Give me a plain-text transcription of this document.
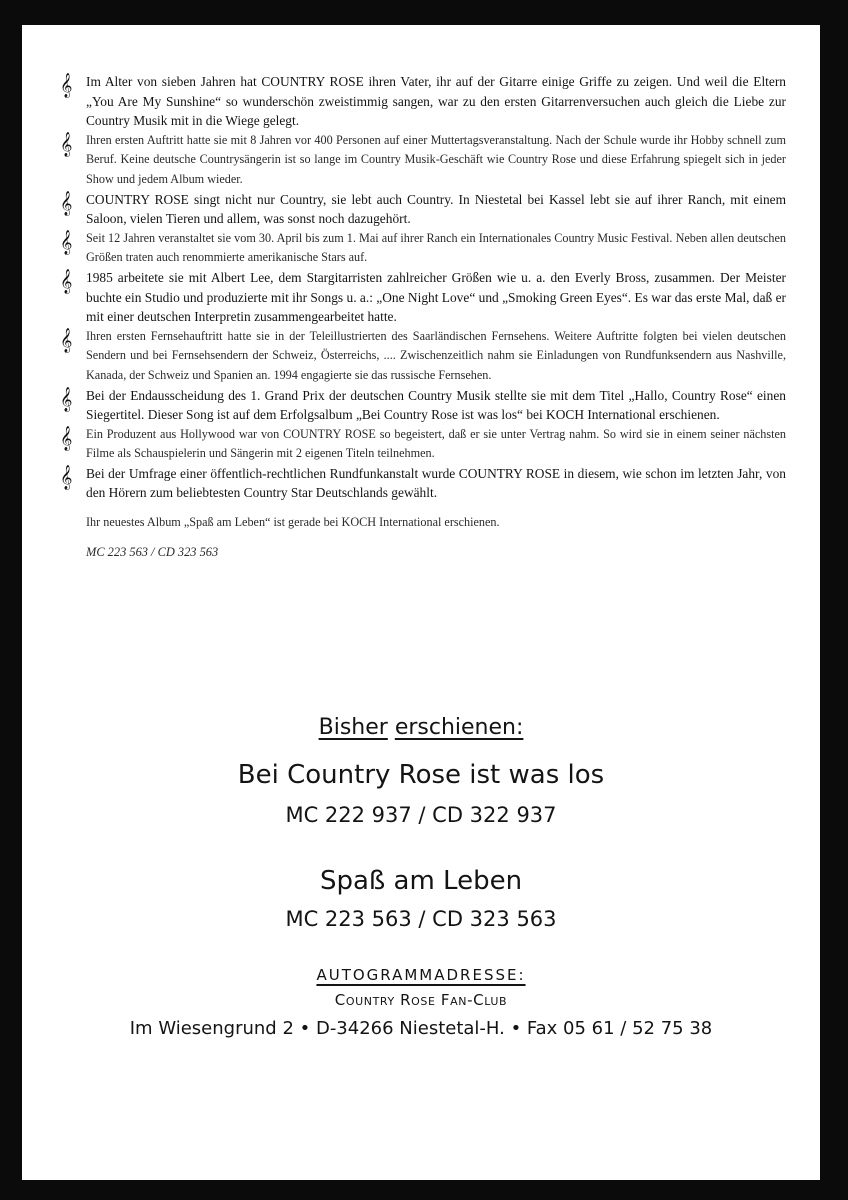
𝄞	Im Alter von sieben Jahren hat COUNTRY ROSE ihren Vater, ihr auf der Gitarre einige Griffe zu zeigen. Und weil die Eltern „You Are My Sunshine“ so wunderschön zweistimmig sangen, war zu den ersten Gitarrenversuchen auch gleich die Liebe zur Country Musik mit in die Wiege gelegt.
𝄞	Ihren ersten Auftritt hatte sie mit 8 Jahren vor 400 Personen auf einer Muttertagsveranstaltung. Nach der Schule wurde ihr Hobby schnell zum Beruf. Keine deutsche Countrysängerin ist so lange im Country Musik-Geschäft wie Country Rose und diese Erfahrung spiegelt sich in jeder Show und jedem Album wieder.
𝄞	COUNTRY ROSE singt nicht nur Country, sie lebt auch Country. In Niestetal bei Kassel lebt sie auf ihrer Ranch, mit einem Saloon, vielen Tieren und allem, was sonst noch dazugehört.
𝄞	Seit 12 Jahren veranstaltet sie vom 30. April bis zum 1. Mai auf ihrer Ranch ein Internationales Country Music Festival. Neben allen deutschen Größen traten auch renommierte amerikanische Stars auf.
𝄞	1985 arbeitete sie mit Albert Lee, dem Stargitarristen zahlreicher Größen wie u. a. den Everly Bross, zusammen. Der Meister buchte ein Studio und produzierte mit ihr Songs u. a.: „One Night Love“ und „Smoking Green Eyes“. Es war das erste Mal, daß er mit einer deutschen Interpretin zusammengearbeitet hatte.
𝄞	Ihren ersten Fernsehauftritt hatte sie in der Teleillustrierten des Saarländischen Fernsehens. Weitere Auftritte folgten bei vielen deutschen Sendern und bei Fernsehsendern der Schweiz, Österreichs, .... Zwischenzeitlich nahm sie Einladungen von Rundfunksendern aus Nashville, Kanada, der Schweiz und Spanien an. 1994 engagierte sie das russische Fernsehen.
𝄞	Bei der Endausscheidung des 1. Grand Prix der deutschen Country Musik stellte sie mit dem Titel „Hallo, Country Rose“ einen Siegertitel. Dieser Song ist auf dem Erfolgsalbum „Bei Country Rose ist was los“ bei KOCH International erschienen.
𝄞	Ein Produzent aus Hollywood war von COUNTRY ROSE so begeistert, daß er sie unter Vertrag nahm. So wird sie in einem seiner nächsten Filme als Schauspielerin und Sängerin mit 2 eigenen Titeln teilnehmen.
𝄞	Bei der Umfrage einer öffentlich-rechtlichen Rundfunkanstalt wurde COUNTRY ROSE in diesem, wie schon im letzten Jahr, von den Hörern zum beliebtesten Country Star Deutschlands gewählt.
Ihr neuestes Album „Spaß am Leben“ ist gerade bei KOCH International erschienen.
MC 223 563 / CD 323 563
Bisher erschienen:
Bei Country Rose ist was los
MC 222 937 / CD 322 937
Spaß am Leben
MC 223 563 / CD 323 563
AUTOGRAMMADRESSE:
Country Rose Fan-Club
Im Wiesengrund 2 • D-34266 Niestetal-H. • Fax 05 61 / 52 75 38
